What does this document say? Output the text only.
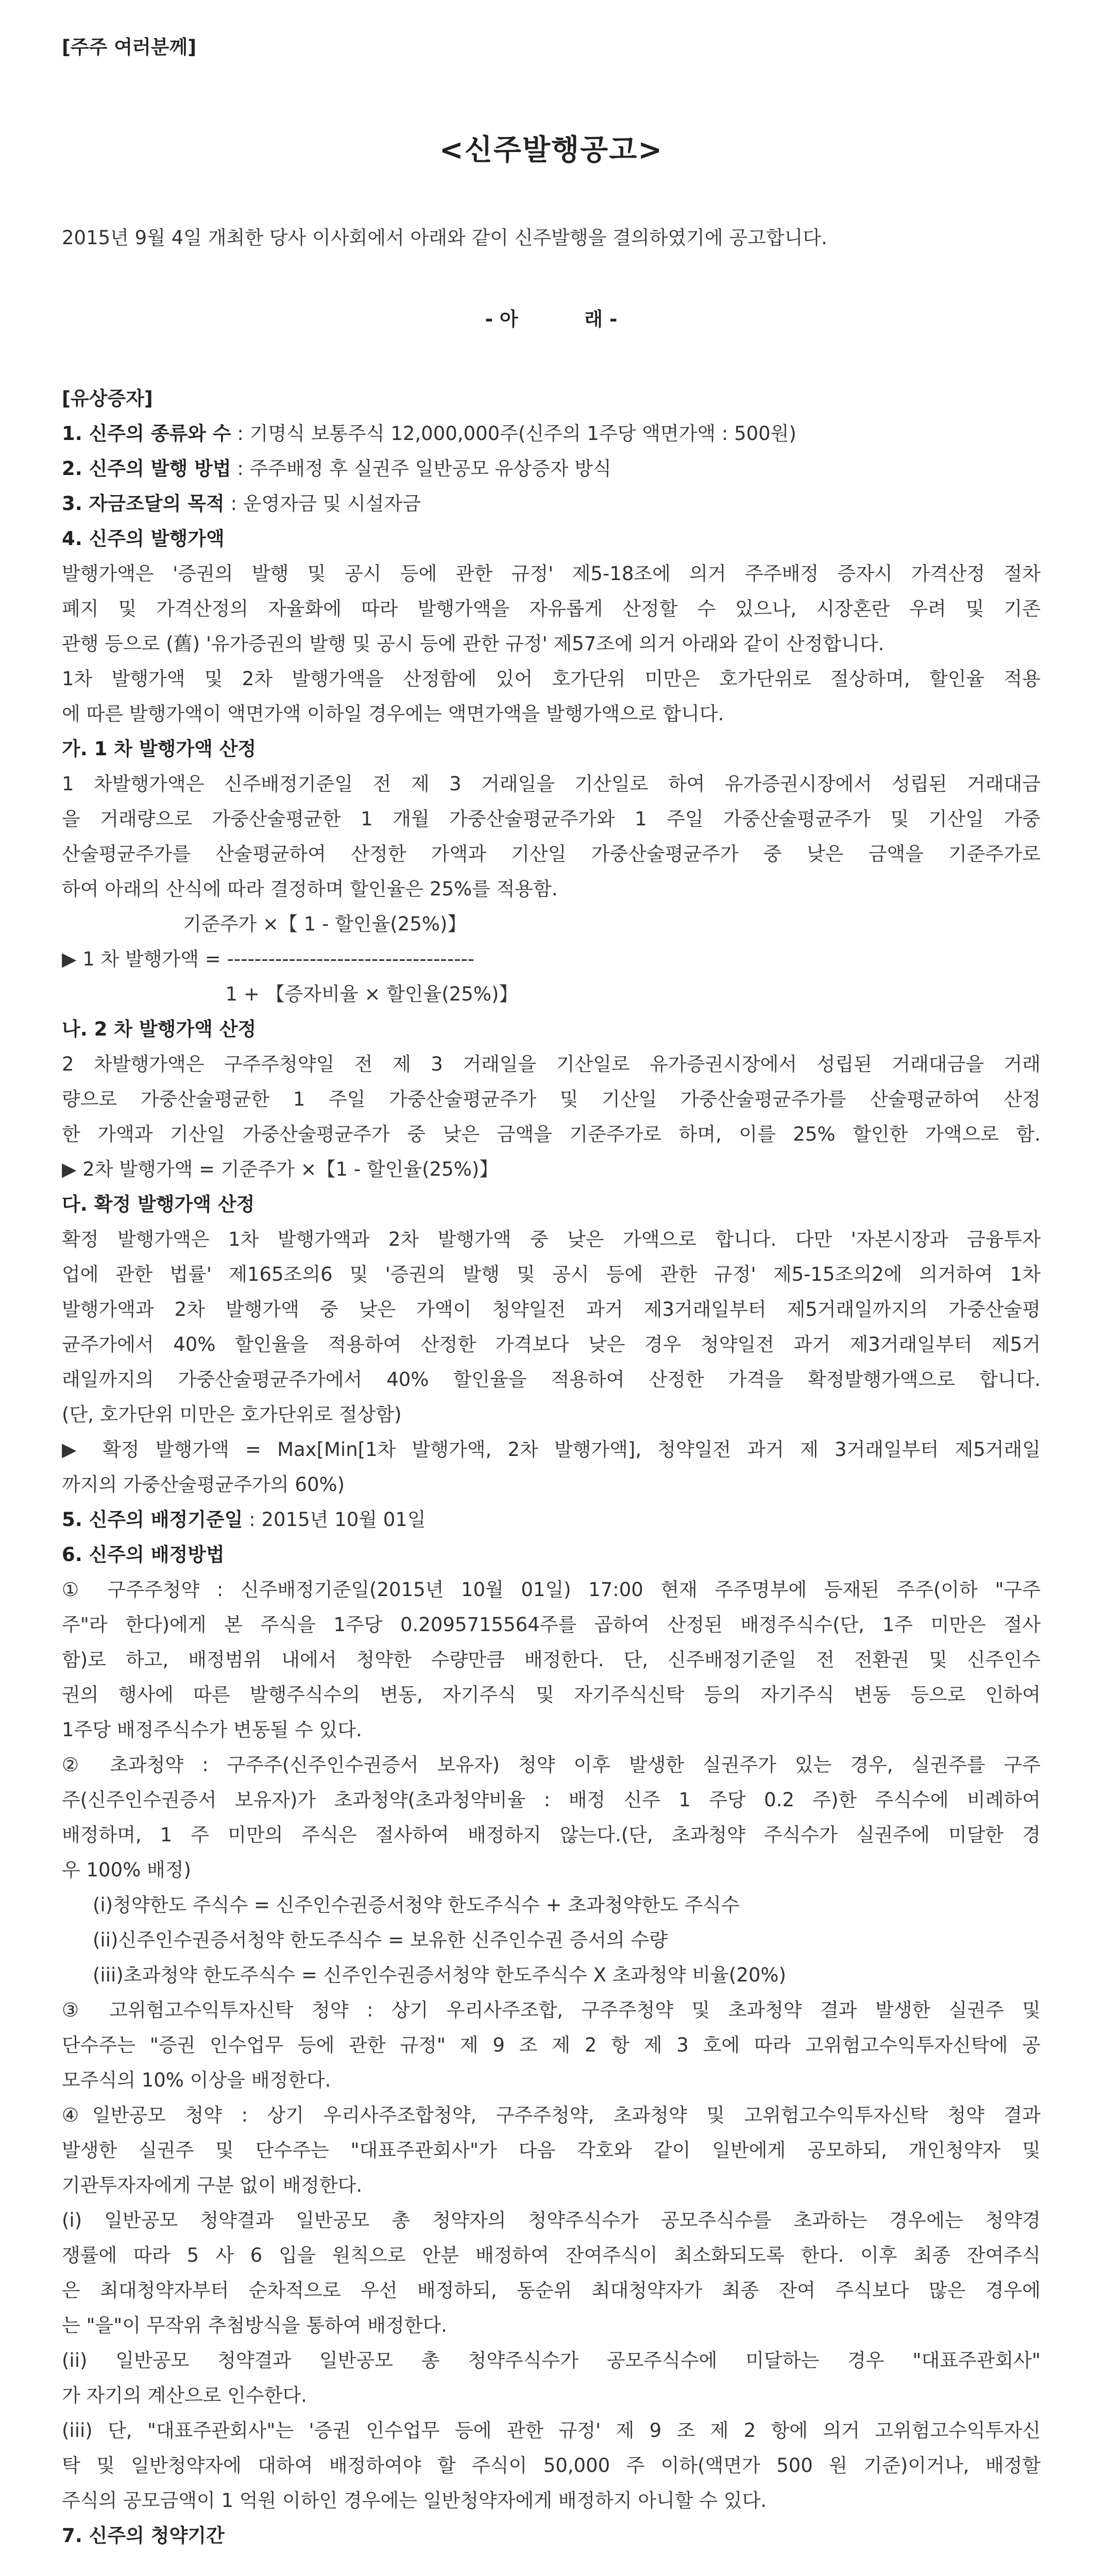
[주주 여러분께]
<신주발행공고>
2015년 9월 4일 개최한 당사 이사회에서 아래와 같이 신주발행을 결의하였기에 공고합니다.
- 아          래 -
[유상증자]
1. 신주의 종류와 수 : 기명식 보통주식 12,000,000주(신주의 1주당 액면가액 : 500원)
2. 신주의 발행 방법 : 주주배정 후 실권주 일반공모 유상증자 방식
3. 자금조달의 목적 : 운영자금 및 시설자금
4. 신주의 발행가액
발행가액은 '증권의 발행 및 공시 등에 관한 규정' 제5-18조에 의거 주주배정 증자시 가격산정 절차
폐지 및 가격산정의 자율화에 따라 발행가액을 자유롭게 산정할 수 있으나, 시장혼란 우려 및 기존
관행 등으로 (舊) '유가증권의 발행 및 공시 등에 관한 규정' 제57조에 의거 아래와 같이 산정합니다.
1차 발행가액 및 2차 발행가액을 산정함에 있어 호가단위 미만은 호가단위로 절상하며, 할인율 적용
에 따른 발행가액이 액면가액 이하일 경우에는 액면가액을 발행가액으로 합니다.
가. 1 차 발행가액 산정
1 차발행가액은 신주배정기준일 전 제 3 거래일을 기산일로 하여 유가증권시장에서 성립된 거래대금
을 거래량으로 가중산술평균한 1 개월 가중산술평균주가와 1 주일 가중산술평균주가 및 기산일 가중
산술평균주가를 산술평균하여 산정한 가액과 기산일 가중산술평균주가 중 낮은 금액을 기준주가로
하여 아래의 산식에 따라 결정하며 할인율은 25%를 적용함.
기준주가 ×【 1 - 할인율(25%)】
▶ 1 차 발행가액 = ------------------------------------
1 + 【증자비율 × 할인율(25%)】
나. 2 차 발행가액 산정
2 차발행가액은 구주주청약일 전 제 3 거래일을 기산일로 유가증권시장에서 성립된 거래대금을 거래
량으로 가중산술평균한 1 주일 가중산술평균주가 및 기산일 가중산술평균주가를 산술평균하여 산정
한 가액과 기산일 가중산술평균주가 중 낮은 금액을 기준주가로 하며, 이를 25% 할인한 가액으로 함.
▶ 2차 발행가액 = 기준주가 ×【1 - 할인율(25%)】
다. 확정 발행가액 산정
확정 발행가액은 1차 발행가액과 2차 발행가액 중 낮은 가액으로 합니다. 다만 '자본시장과 금융투자
업에 관한 법률' 제165조의6 및 '증권의 발행 및 공시 등에 관한 규정' 제5-15조의2에 의거하여 1차
발행가액과 2차 발행가액 중 낮은 가액이 청약일전 과거 제3거래일부터 제5거래일까지의 가중산술평
균주가에서 40% 할인율을 적용하여 산정한 가격보다 낮은 경우 청약일전 과거 제3거래일부터 제5거
래일까지의 가중산술평균주가에서 40% 할인율을 적용하여 산정한 가격을 확정발행가액으로 합니다.
(단, 호가단위 미만은 호가단위로 절상함)
▶ 확정 발행가액 = Max[Min[1차 발행가액, 2차 발행가액], 청약일전 과거 제 3거래일부터 제5거래일
까지의 가중산술평균주가의 60%)
5. 신주의 배정기준일 : 2015년 10월 01일
6. 신주의 배정방법
① 구주주청약 : 신주배정기준일(2015년 10월 01일) 17:00 현재 주주명부에 등재된 주주(이하 "구주
주"라 한다)에게 본 주식을 1주당 0.2095715564주를 곱하여 산정된 배정주식수(단, 1주 미만은 절사
함)로 하고, 배정범위 내에서 청약한 수량만큼 배정한다. 단, 신주배정기준일 전 전환권 및 신주인수
권의 행사에 따른 발행주식수의 변동, 자기주식 및 자기주식신탁 등의 자기주식 변동 등으로 인하여
1주당 배정주식수가 변동될 수 있다.
② 초과청약 : 구주주(신주인수권증서 보유자) 청약 이후 발생한 실권주가 있는 경우, 실권주를 구주
주(신주인수권증서 보유자)가 초과청약(초과청약비율 : 배정 신주 1 주당 0.2 주)한 주식수에 비례하여
배정하며, 1 주 미만의 주식은 절사하여 배정하지 않는다.(단, 초과청약 주식수가 실권주에 미달한 경
우 100% 배정)
(i)청약한도 주식수 = 신주인수권증서청약 한도주식수 + 초과청약한도 주식수
(ii)신주인수권증서청약 한도주식수 = 보유한 신주인수권 증서의 수량
(iii)초과청약 한도주식수 = 신주인수권증서청약 한도주식수 X 초과청약 비율(20%)
③ 고위험고수익투자신탁 청약 : 상기 우리사주조합, 구주주청약 및 초과청약 결과 발생한 실권주 및
단수주는 "증권 인수업무 등에 관한 규정" 제 9 조 제 2 항 제 3 호에 따라 고위험고수익투자신탁에 공
모주식의 10% 이상을 배정한다.
④일반공모 청약 : 상기 우리사주조합청약, 구주주청약, 초과청약 및 고위험고수익투자신탁 청약 결과
발생한 실권주 및 단수주는 "대표주관회사"가 다음 각호와 같이 일반에게 공모하되, 개인청약자 및
기관투자자에게 구분 없이 배정한다.
(i) 일반공모 청약결과 일반공모 총 청약자의 청약주식수가 공모주식수를 초과하는 경우에는 청약경
쟁률에 따라 5 사 6 입을 원칙으로 안분 배정하여 잔여주식이 최소화되도록 한다. 이후 최종 잔여주식
은 최대청약자부터 순차적으로 우선 배정하되, 동순위 최대청약자가 최종 잔여 주식보다 많은 경우에
는 "을"이 무작위 추첨방식을 통하여 배정한다.
(ii) 일반공모 청약결과 일반공모 총 청약주식수가 공모주식수에 미달하는 경우 "대표주관회사"
가 자기의 계산으로 인수한다.
(iii) 단, "대표주관회사"는 '증권 인수업무 등에 관한 규정' 제 9 조 제 2 항에 의거 고위험고수익투자신
탁 및 일반청약자에 대하여 배정하여야 할 주식이 50,000 주 이하(액면가 500 원 기준)이거나, 배정할
주식의 공모금액이 1 억원 이하인 경우에는 일반청약자에게 배정하지 아니할 수 있다.
7. 신주의 청약기간
